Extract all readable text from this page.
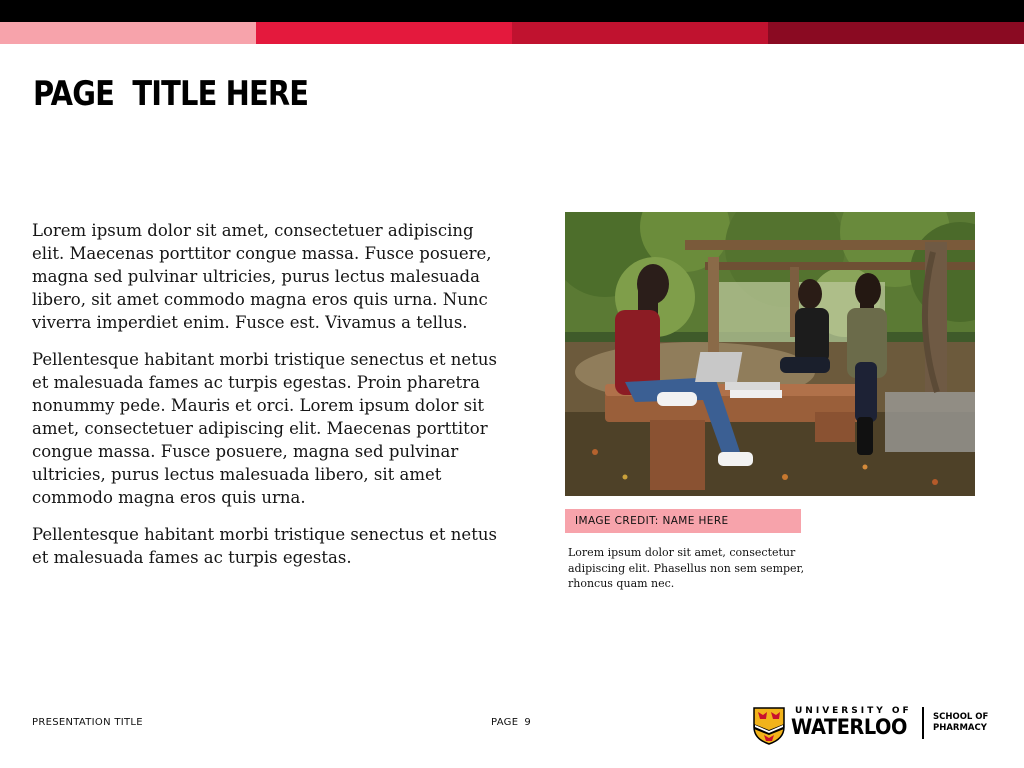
PAGE  TITLE HERE

Lorem ipsum dolor sit amet, consectetuer adipiscing elit. Maecenas porttitor congue massa. Fusce posuere, magna sed pulvinar ultricies, purus lectus malesuada libero, sit amet commodo magna eros quis urna. Nunc viverra imperdiet enim. Fusce est. Vivamus a tellus.

Pellentesque habitant morbi tristique senectus et netus et malesuada fames ac turpis egestas. Proin pharetra nonummy pede. Mauris et orci. Lorem ipsum dolor sit amet, consectetuer adipiscing elit. Maecenas porttitor congue massa. Fusce posuere, magna sed pulvinar ultricies, purus lectus malesuada libero, sit amet commodo magna eros quis urna.

Pellentesque habitant morbi tristique senectus et netus et malesuada fames ac turpis egestas.

IMAGE CREDIT: NAME HERE
Lorem ipsum dolor sit amet, consectetur adipiscing elit. Phasellus non sem semper, rhoncus quam nec.
PRESENTATION TITLE	PAGE 9
UNIVERSITY OF
WATERLOO	SCHOOL OF
PHARMACY
